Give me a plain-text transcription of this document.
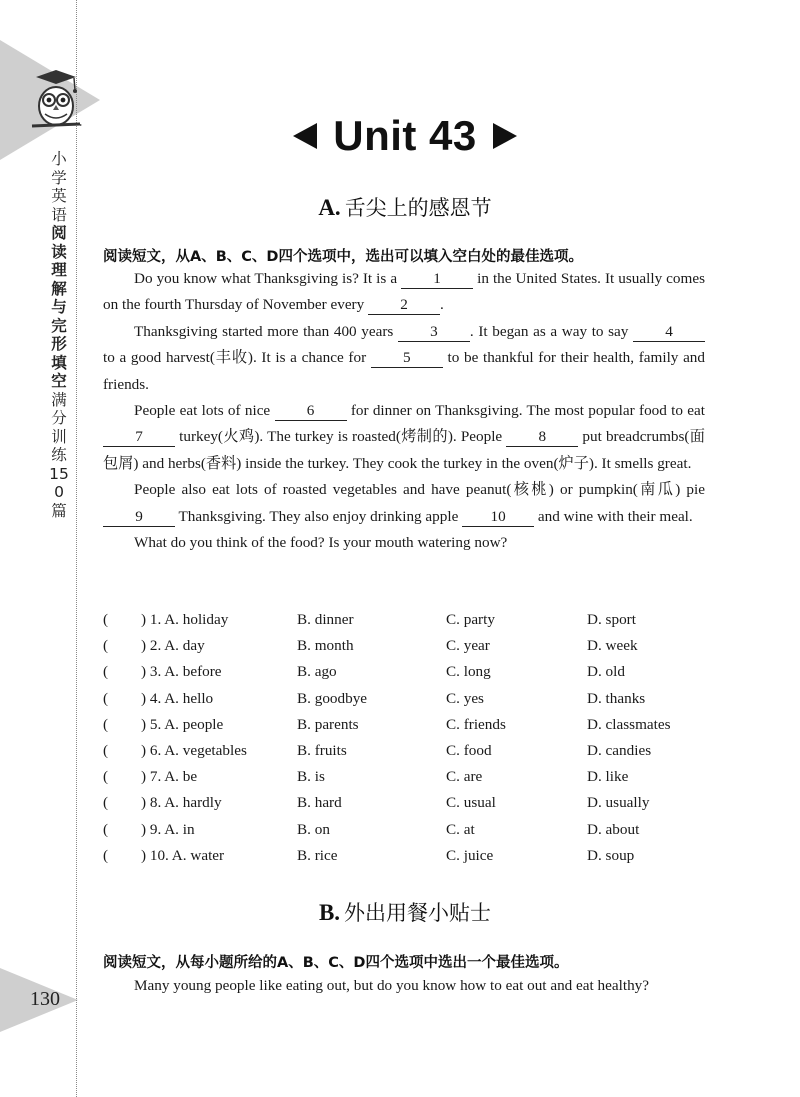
小学英语阅读理解与完形填空满分训练150篇
130
Unit 43
A. 舌尖上的感恩节
阅读短文，从A、B、C、D四个选项中，选出可以填入空白处的最佳选项。

Do you know what Thanksgiving is? It is a 1 in the United States. It usually comes on the fourth Thursday of November every 2 .

Thanksgiving started more than 400 years 3 . It began as a way to say 4 to a good harvest(丰收). It is a chance for 5 to be thankful for their health, family and friends.

People eat lots of nice 6 for dinner on Thanksgiving. The most popular food to eat 7 turkey(火鸡). The turkey is roasted(烤制的). People 8 put breadcrumbs(面包屑) and herbs(香料) inside the turkey. They cook the turkey in the oven(炉子). It smells great.

People also eat lots of roasted vegetables and have peanut(核桃) or pumpkin(南瓜) pie 9 Thanksgiving. They also enjoy drinking apple 10 and wine with their meal.

What do you think of the food? Is your mouth watering now?

( ) 1. A. holiday	B. dinner	C. party	D. sport
( ) 2. A. day	B. month	C. year	D. week
( ) 3. A. before	B. ago	C. long	D. old
( ) 4. A. hello	B. goodbye	C. yes	D. thanks
( ) 5. A. people	B. parents	C. friends	D. classmates
( ) 6. A. vegetables	B. fruits	C. food	D. candies
( ) 7. A. be	B. is	C. are	D. like
( ) 8. A. hardly	B. hard	C. usual	D. usually
( ) 9. A. in	B. on	C. at	D. about
( ) 10. A. water	B. rice	C. juice	D. soup
B. 外出用餐小贴士
阅读短文，从每小题所给的A、B、C、D四个选项中选出一个最佳选项。
Many young people like eating out, but do you know how to eat out and eat healthy?
